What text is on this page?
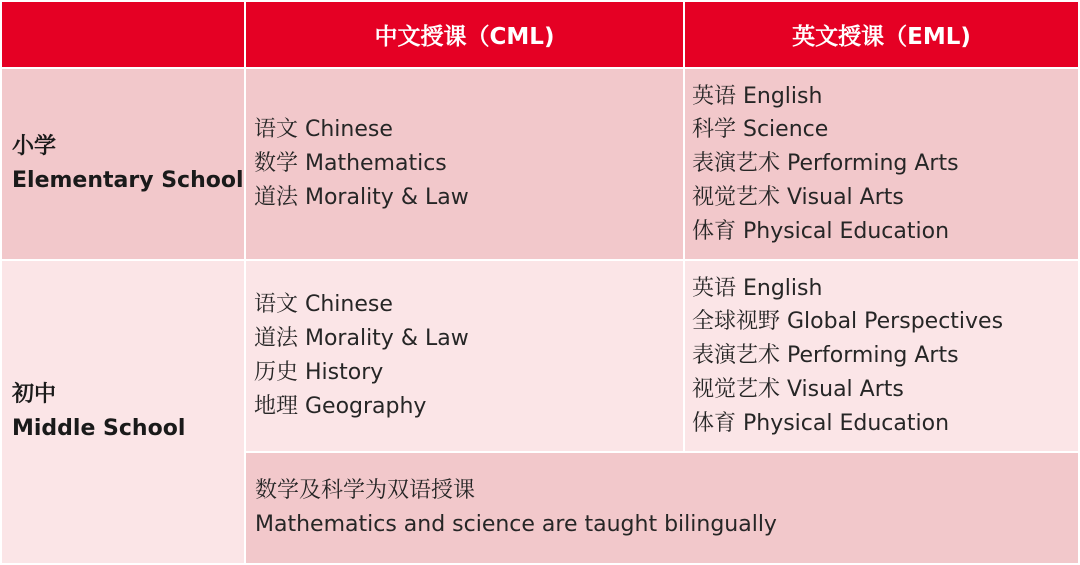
中文授课（CML)	英文授课（EML)
小学
Elementary School
语文 Chinese
数学 Mathematics
道法 Morality & Law
英语 English
科学 Science
表演艺术 Performing Arts
视觉艺术 Visual Arts
体育 Physical Education
初中
Middle School
语文 Chinese
道法 Morality & Law
历史 History
地理 Geography
英语 English
全球视野 Global Perspectives
表演艺术 Performing Arts
视觉艺术 Visual Arts
体育 Physical Education
数学及科学为双语授课
Mathematics and science are taught bilingually
